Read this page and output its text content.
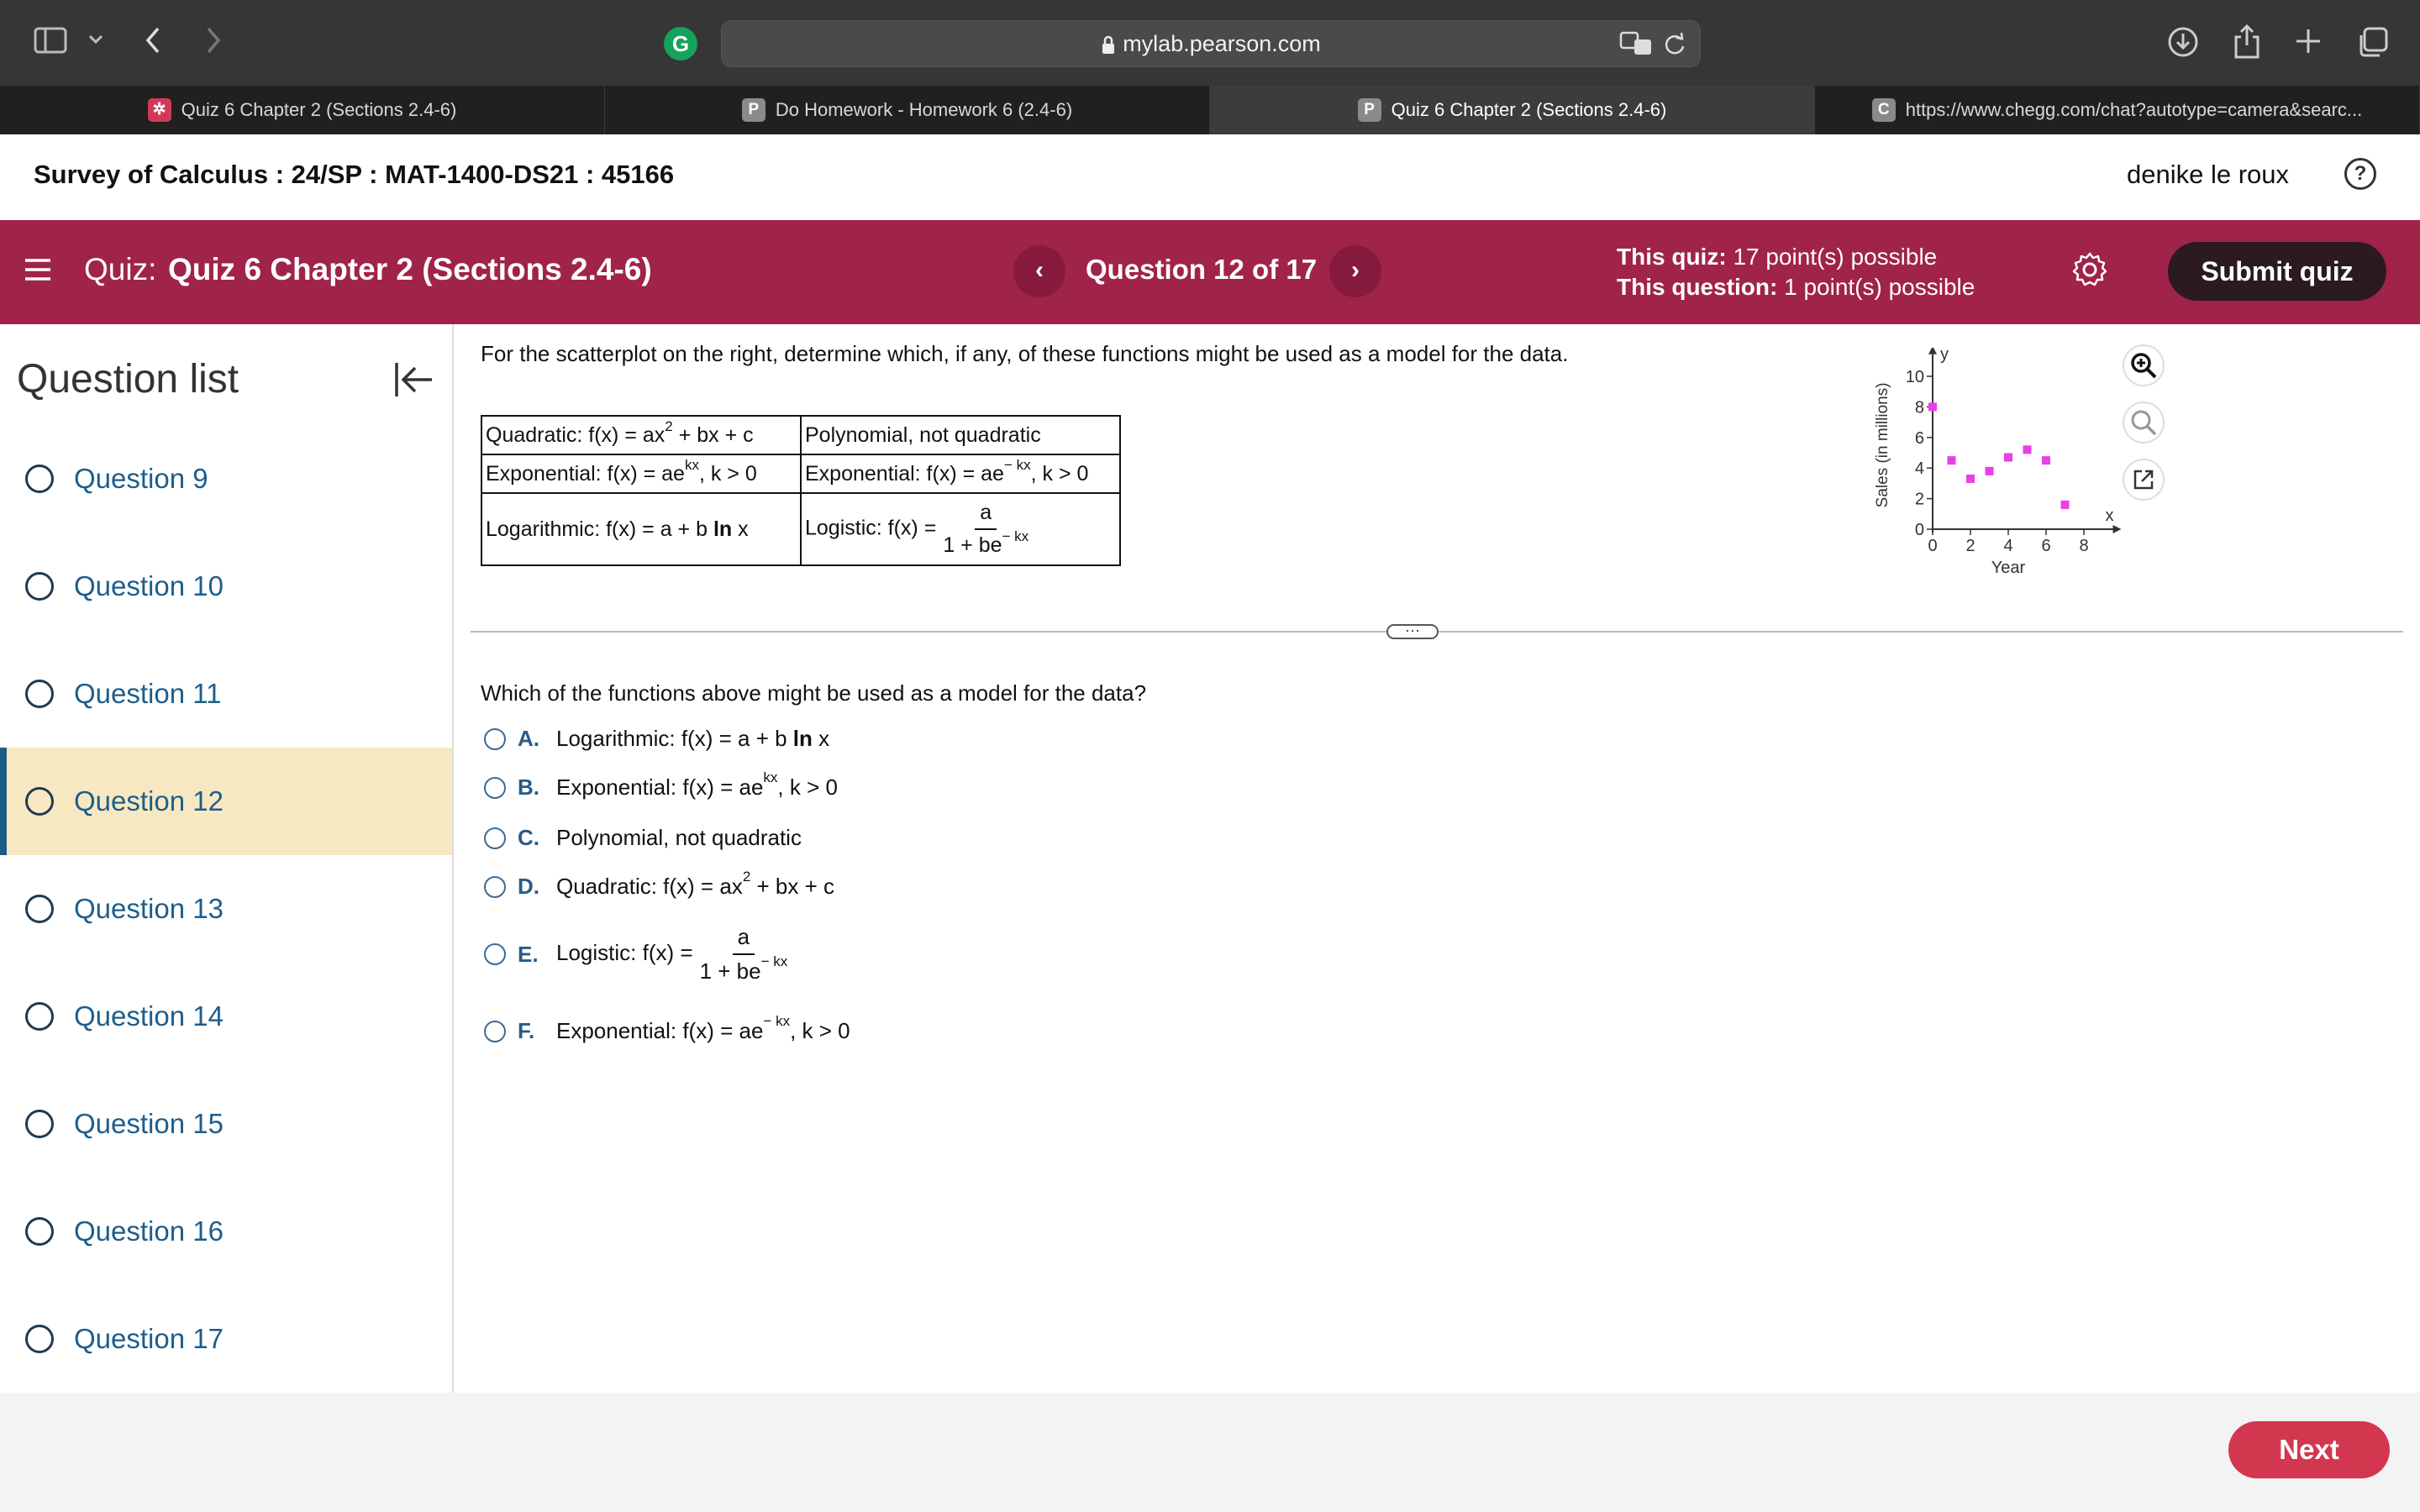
G	mylab.pearson.com
✲ Quiz 6 Chapter 2 (Sections 2.4-6)	P Do Homework - Homework 6 (2.4-6)	P Quiz 6 Chapter 2 (Sections 2.4-6)	C https://www.chegg.com/chat?autotype=camera&searc...
Survey of Calculus : 24/SP : MAT-1400-DS21 : 45166	denike le roux	?
Quiz: Quiz 6 Chapter 2 (Sections 2.4-6)	‹	Question 12 of 17	›	This quiz: 17 point(s) possible
This question: 1 point(s) possible
Submit quiz
Question list
Question 9
Question 10
Question 11
Question 12
Question 13
Question 14
Question 15
Question 16
Question 17
For the scatterplot on the right, determine which, if any, of these functions might be used as a model for the data.
Quadratic: $f(x) = ax^2$ + bx + c	Polynomial, not quadratic
Exponential: $f(x) = ae^{kx}$, k > 0	Exponential: $f(x) = ae^{- kx}$, k > 0
Logarithmic: f(x) = a + b ln x	Logistic: $f(x) = \frac{a}{1 + be^{- kx}}$	0 2 4 6 8
0
2
4
6
8
10
x
y
Year
Sales (in millions)
···
Which of the functions above might be used as a model for the data?
A. Logarithmic: f(x) = a + b ln x
B. Exponential: $f(x) = ae^{kx}$, k > 0
C. Polynomial, not quadratic
D. Quadratic: $f(x) = ax^2$ + bx + c
E. Logistic: $f(x) = \frac{a}{1 + be^{- kx}}$
F. Exponential: $f(x) = ae^{- kx}$, k > 0
Next
